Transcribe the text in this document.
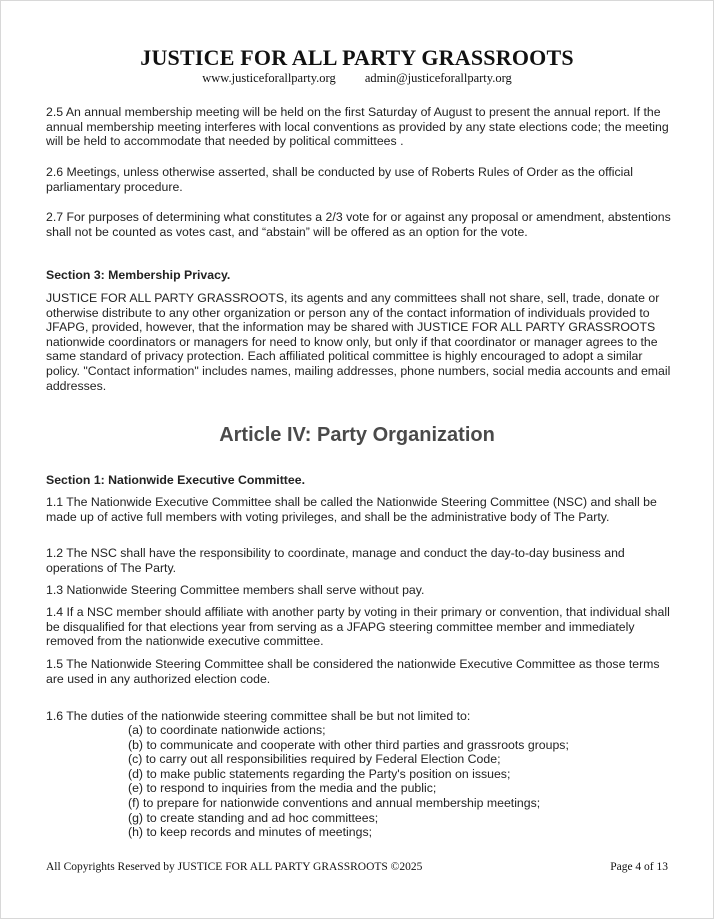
JUSTICE FOR ALL PARTY GRASSROOTS
www.justiceforallparty.org admin@justiceforallparty.org
2.5 An annual membership meeting will be held on the first Saturday of August to present the annual report. If the annual membership meeting interferes with local conventions as provided by any state elections code; the meeting will be held to accommodate that needed by political committees .
2.6 Meetings, unless otherwise asserted, shall be conducted by use of Roberts Rules of Order as the official parliamentary procedure.
2.7 For purposes of determining what constitutes a 2/3 vote for or against any proposal or amendment, abstentions shall not be counted as votes cast, and “abstain” will be offered as an option for the vote.
Section 3: Membership Privacy.
JUSTICE FOR ALL PARTY GRASSROOTS, its agents and any committees shall not share, sell, trade, donate or otherwise distribute to any other organization or person any of the contact information of individuals provided to JFAPG, provided, however, that the information may be shared with JUSTICE FOR ALL PARTY GRASSROOTS nationwide coordinators or managers for need to know only, but only if that coordinator or manager agrees to the same standard of privacy protection. Each affiliated political committee is highly encouraged to adopt a similar policy. "Contact information" includes names, mailing addresses, phone numbers, social media accounts and email addresses.
Article IV: Party Organization
Section 1: Nationwide Executive Committee.
1.1 The Nationwide Executive Committee shall be called the Nationwide Steering Committee (NSC) and shall be made up of active full members with voting privileges, and shall be the administrative body of The Party.
1.2 The NSC shall have the responsibility to coordinate, manage and conduct the day-to-day business and operations of The Party.
1.3 Nationwide Steering Committee members shall serve without pay.
1.4 If a NSC member should affiliate with another party by voting in their primary or convention, that individual shall be disqualified for that elections year from serving as a JFAPG steering committee member and immediately removed from the nationwide executive committee.
1.5 The Nationwide Steering Committee shall be considered the nationwide Executive Committee as those terms are used in any authorized election code.
1.6 The duties of the nationwide steering committee shall be but not limited to:
(a) to coordinate nationwide actions;
(b) to communicate and cooperate with other third parties and grassroots groups;
(c) to carry out all responsibilities required by Federal Election Code;
(d) to make public statements regarding the Party's position on issues;
(e) to respond to inquiries from the media and the public;
(f) to prepare for nationwide conventions and annual membership meetings;
(g) to create standing and ad hoc committees;
(h) to keep records and minutes of meetings;
All Copyrights Reserved by JUSTICE FOR ALL PARTY GRASSROOTS ©2025	Page 4 of 13
